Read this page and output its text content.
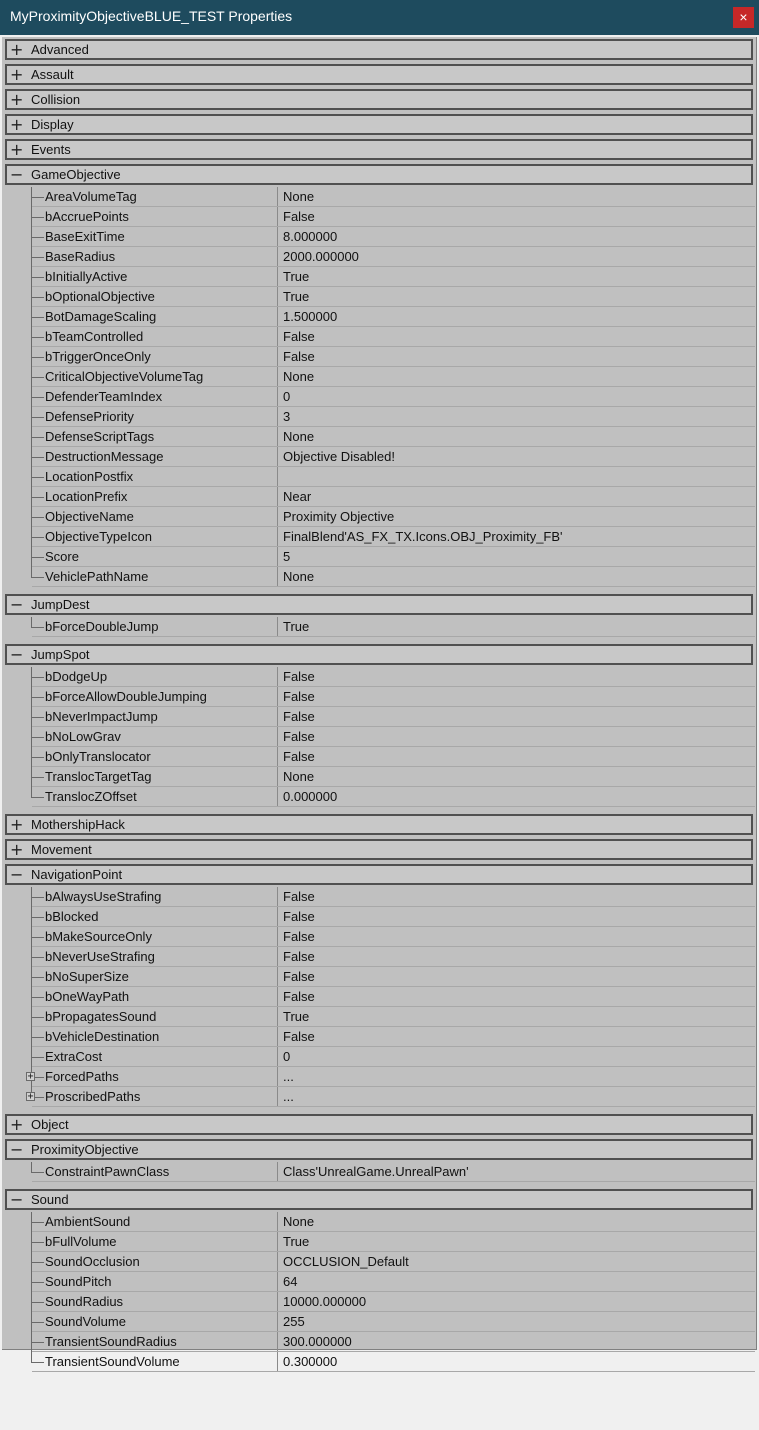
MyProximityObjectiveBLUE_TEST Properties	×
+ Advanced
+ Assault
+ Collision
+ Display
+ Events
− GameObjective
AreaVolumeTag	None
bAccruePoints	False
BaseExitTime	8.000000
BaseRadius	2000.000000
bInitiallyActive	True
bOptionalObjective	True
BotDamageScaling	1.500000
bTeamControlled	False
bTriggerOnceOnly	False
CriticalObjectiveVolumeTag	None
DefenderTeamIndex	0
DefensePriority	3
DefenseScriptTags	None
DestructionMessage	Objective Disabled!
LocationPostfix
LocationPrefix	Near
ObjectiveName	Proximity Objective
ObjectiveTypeIcon	FinalBlend'AS_FX_TX.Icons.OBJ_Proximity_FB'
Score	5
VehiclePathName	None
− JumpDest
bForceDoubleJump	True
− JumpSpot
bDodgeUp	False
bForceAllowDoubleJumping	False
bNeverImpactJump	False
bNoLowGrav	False
bOnlyTranslocator	False
TranslocTargetTag	None
TranslocZOffset	0.000000
+ MothershipHack
+ Movement
− NavigationPoint
bAlwaysUseStrafing	False
bBlocked	False
bMakeSourceOnly	False
bNeverUseStrafing	False
bNoSuperSize	False
bOneWayPath	False
bPropagatesSound	True
bVehicleDestination	False
ExtraCost	0
+ ForcedPaths	...
+ ProscribedPaths	...
+ Object
− ProximityObjective
ConstraintPawnClass	Class'UnrealGame.UnrealPawn'
− Sound
AmbientSound	None
bFullVolume	True
SoundOcclusion	OCCLUSION_Default
SoundPitch	64
SoundRadius	10000.000000
SoundVolume	255
TransientSoundRadius	300.000000
TransientSoundVolume	0.300000
